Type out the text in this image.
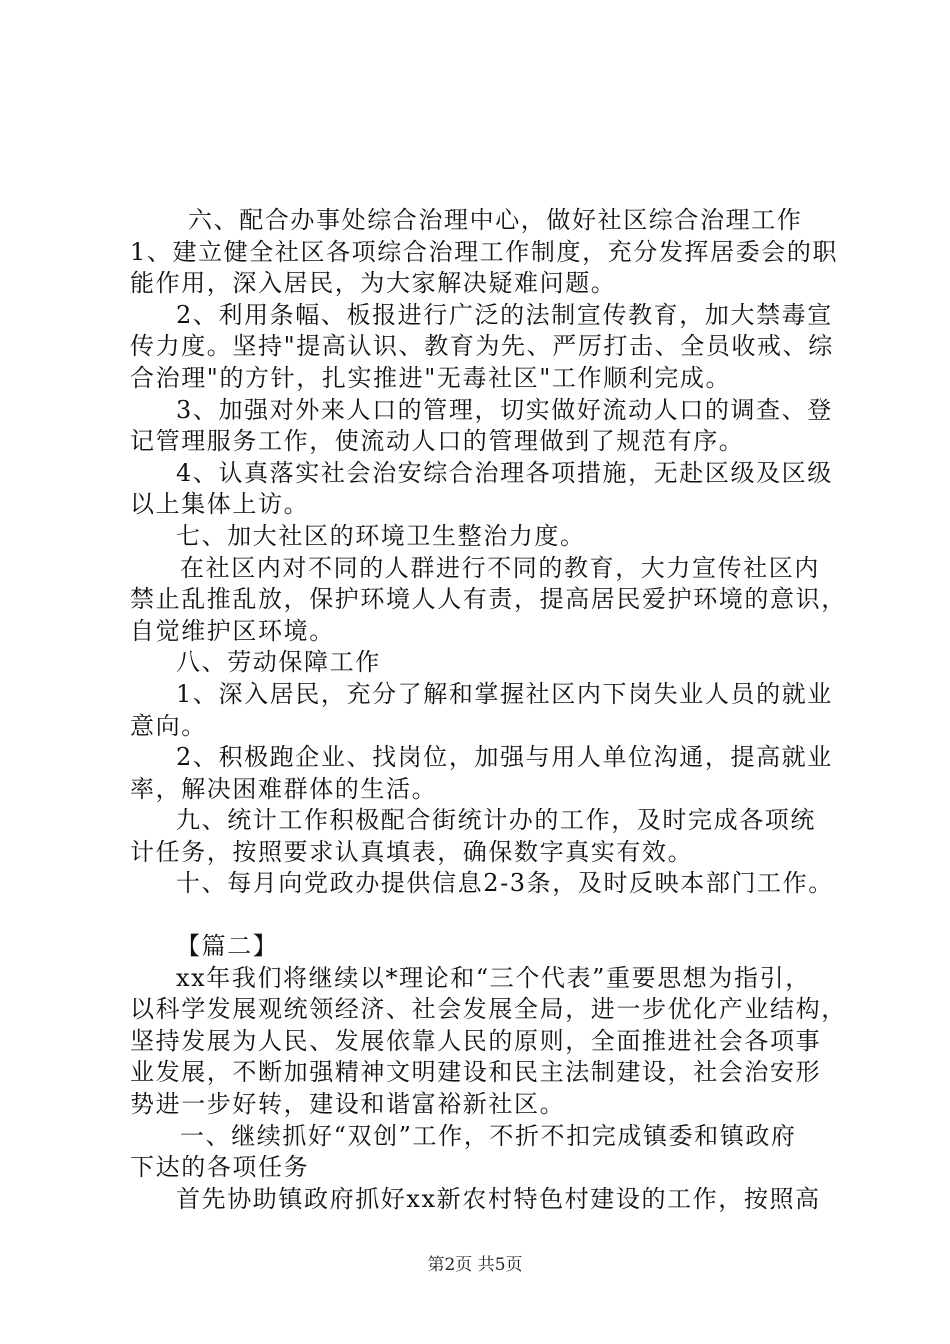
六、配合办事处综合治理中心，做好社区综合治理工作
1、建立健全社区各项综合治理工作制度，充分发挥居委会的职
能作用，深入居民，为大家解决疑难问题。
2、利用条幅、板报进行广泛的法制宣传教育，加大禁毒宣
传力度。坚持"提高认识、教育为先、严厉打击、全员收戒、综
合治理"的方针，扎实推进"无毒社区"工作顺利完成。
3、加强对外来人口的管理，切实做好流动人口的调查、登
记管理服务工作，使流动人口的管理做到了规范有序。
4、认真落实社会治安综合治理各项措施，无赴区级及区级
以上集体上访。
七、加大社区的环境卫生整治力度。
在社区内对不同的人群进行不同的教育，大力宣传社区内
禁止乱推乱放，保护环境人人有责，提高居民爱护环境的意识，
自觉维护区环境。
八、劳动保障工作
1、深入居民，充分了解和掌握社区内下岗失业人员的就业
意向。
2、积极跑企业、找岗位，加强与用人单位沟通，提高就业
率，解决困难群体的生活。
九、统计工作积极配合街统计办的工作，及时完成各项统
计任务，按照要求认真填表，确保数字真实有效。
十、每月向党政办提供信息2-3条，及时反映本部门工作。
【篇二】
xx年我们将继续以*理论和“三个代表”重要思想为指引，
以科学发展观统领经济、社会发展全局，进一步优化产业结构，
坚持发展为人民、发展依靠人民的原则，全面推进社会各项事
业发展，不断加强精神文明建设和民主法制建设，社会治安形
势进一步好转，建设和谐富裕新社区。
一、继续抓好“双创”工作，不折不扣完成镇委和镇政府
下达的各项任务
首先协助镇政府抓好xx新农村特色村建设的工作，按照高
第2页 共5页
